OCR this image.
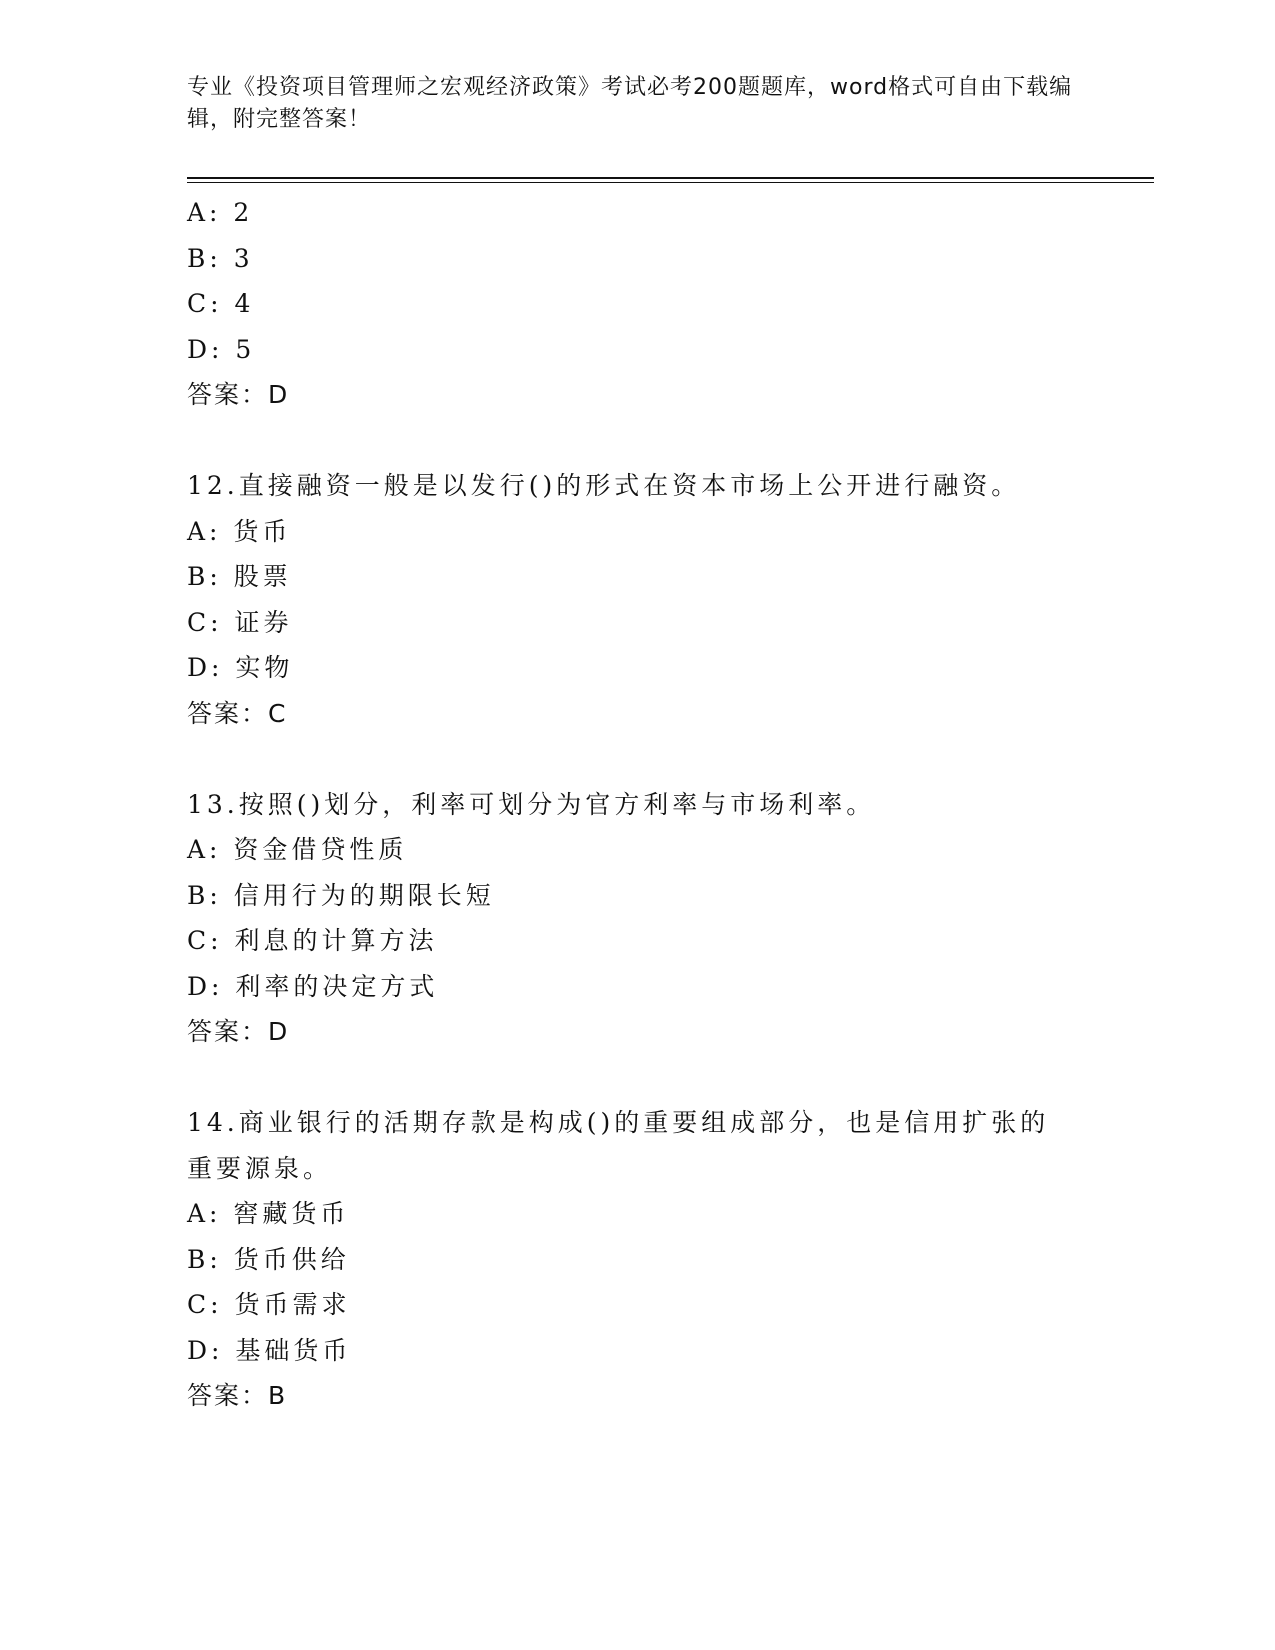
专业《投资项目管理师之宏观经济政策》考试必考200题题库，word格式可自由下载编辑，附完整答案！
A: 2
B: 3
C: 4
D: 5
答案：D
12.直接融资一般是以发行()的形式在资本市场上公开进行融资。
A: 货币
B: 股票
C: 证券
D: 实物
答案：C
13.按照()划分，利率可划分为官方利率与市场利率。
A: 资金借贷性质
B: 信用行为的期限长短
C: 利息的计算方法
D: 利率的决定方式
答案：D
14.商业银行的活期存款是构成()的重要组成部分，也是信用扩张的重要源泉。
A: 窖藏货币
B: 货币供给
C: 货币需求
D: 基础货币
答案：B
